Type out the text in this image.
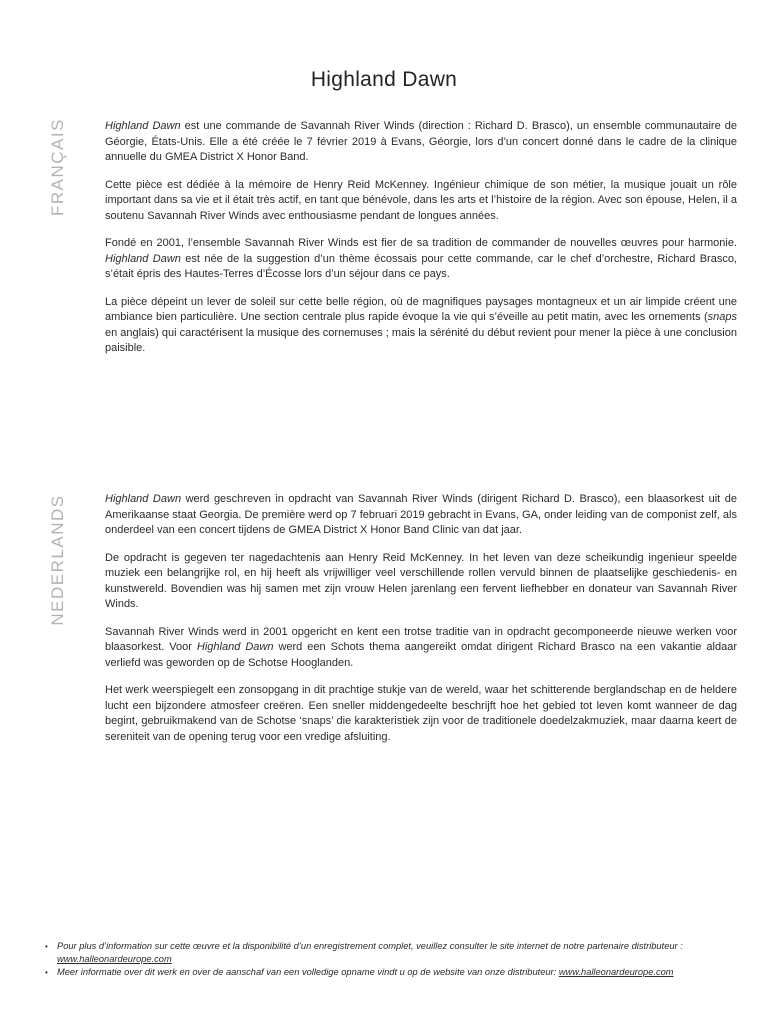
Highland Dawn
FRANÇAIS
NEDERLANDS

Highland Dawn est une commande de Savannah River Winds (direction : Richard D. Brasco), un ensemble communautaire de Géorgie, États-Unis. Elle a été créée le 7 février 2019 à Evans, Géorgie, lors d’un concert donné dans le cadre de la clinique annuelle du GMEA District X Honor Band.

Cette pièce est dédiée à la mémoire de Henry Reid McKenney. Ingénieur chimique de son métier, la musique jouait un rôle important dans sa vie et il était très actif, en tant que bénévole, dans les arts et l’histoire de la région. Avec son épouse, Helen, il a soutenu Savannah River Winds avec enthousiasme pendant de longues années.

Fondé en 2001, l’ensemble Savannah River Winds est fier de sa tradition de commander de nouvelles œuvres pour harmonie. Highland Dawn est née de la suggestion d’un thème écossais pour cette commande, car le chef d’orchestre, Richard Brasco, s’était épris des Hautes-Terres d’Écosse lors d’un séjour dans ce pays.

La pièce dépeint un lever de soleil sur cette belle région, où de magnifiques paysages montagneux et un air limpide créent une ambiance bien particulière. Une section centrale plus rapide évoque la vie qui s’éveille au petit matin, avec les ornements (snaps en anglais) qui caractérisent la musique des cornemuses ; mais la sérénité du début revient pour mener la pièce à une conclusion paisible.

Highland Dawn werd geschreven in opdracht van Savannah River Winds (dirigent Richard D. Brasco), een blaasorkest uit de Amerikaanse staat Georgia. De première werd op 7 februari 2019 gebracht in Evans, GA, onder leiding van de componist zelf, als onderdeel van een concert tijdens de GMEA District X Honor Band Clinic van dat jaar.

De opdracht is gegeven ter nagedachtenis aan Henry Reid McKenney. In het leven van deze scheikundig ingenieur speelde muziek een belangrijke rol, en hij heeft als vrijwilliger veel verschillende rollen vervuld binnen de plaatselijke geschiedenis- en kunstwereld. Bovendien was hij samen met zijn vrouw Helen jarenlang een fervent liefhebber en donateur van Savannah River Winds.

Savannah River Winds werd in 2001 opgericht en kent een trotse traditie van in opdracht gecomponeerde nieuwe werken voor blaasorkest. Voor Highland Dawn werd een Schots thema aangereikt omdat dirigent Richard Brasco na een vakantie aldaar verliefd was geworden op de Schotse Hooglanden.

Het werk weerspiegelt een zonsopgang in dit prachtige stukje van de wereld, waar het schitterende berglandschap en de heldere lucht een bijzondere atmosfeer creëren. Een sneller middengedeelte beschrijft hoe het gebied tot leven komt wanneer de dag begint, gebruikmakend van de Schotse ‘snaps’ die karakteristiek zijn voor de traditionele doedelzakmuziek, maar daarna keert de sereniteit van de opening terug voor een vredige afsluiting.

• Pour plus d’information sur cette œuvre et la disponibilité d’un enregistrement complet, veuillez consulter le site internet de notre partenaire distributeur :
www.halleonardeurope.com
• Meer informatie over dit werk en over de aanschaf van een volledige opname vindt u op de website van onze distributeur: www.halleonardeurope.com
